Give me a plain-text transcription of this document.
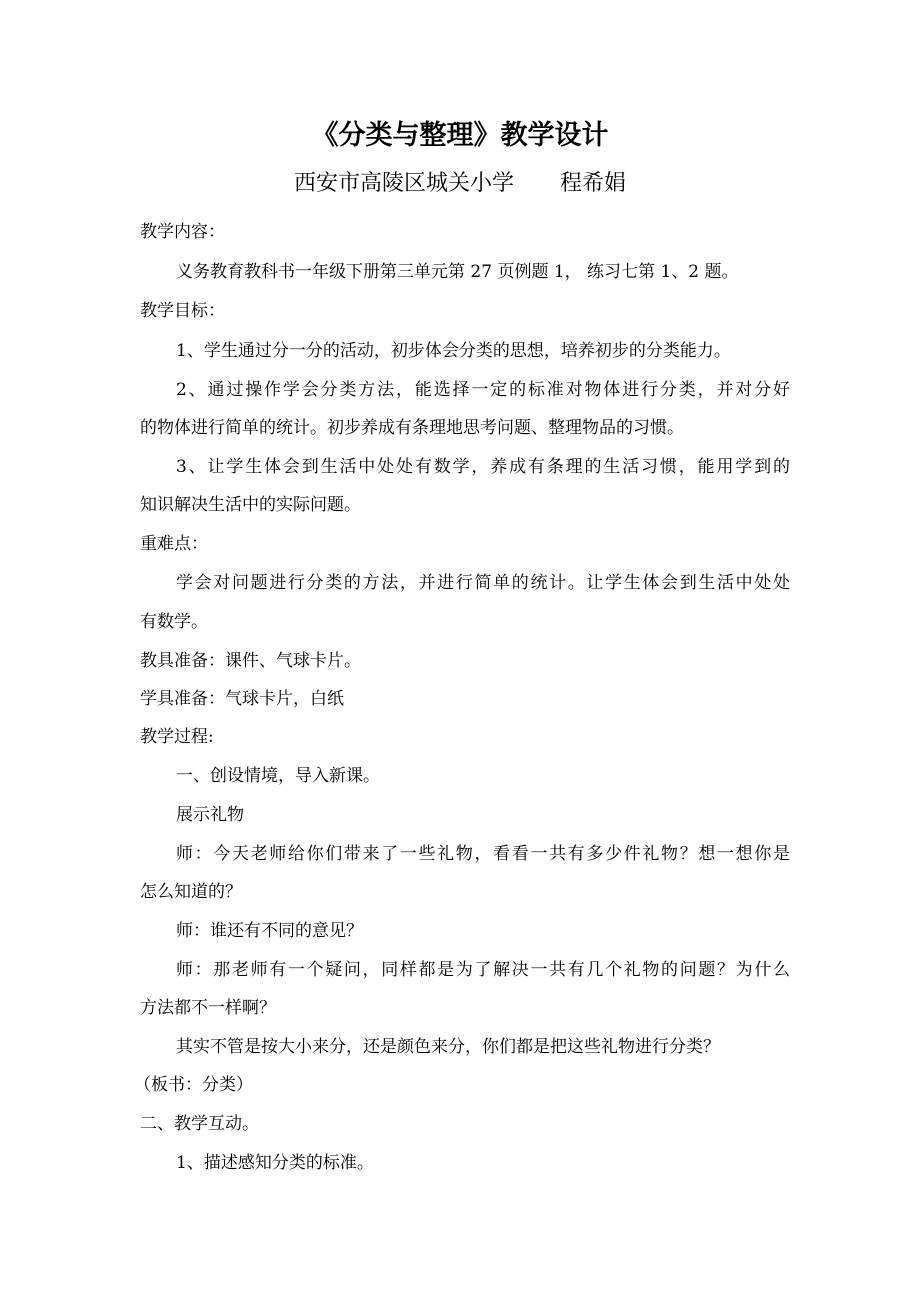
《分类与整理》教学设计
西安市高陵区城关小学 程希娟
教学内容：
义务教育教科书一年级下册第三单元第 27 页例题 1， 练习七第 1、2 题。
教学目标：
1、学生通过分一分的活动，初步体会分类的思想，培养初步的分类能力。
2、通过操作学会分类方法，能选择一定的标准对物体进行分类，并对分好
的物体进行简单的统计。初步养成有条理地思考问题、整理物品的习惯。
3、让学生体会到生活中处处有数学，养成有条理的生活习惯，能用学到的
知识解决生活中的实际问题。
重难点：
学会对问题进行分类的方法，并进行简单的统计。让学生体会到生活中处处
有数学。
教具准备：课件、气球卡片。
学具准备：气球卡片，白纸
教学过程:
一、创设情境，导入新课。
展示礼物
师：今天老师给你们带来了一些礼物，看看一共有多少件礼物？想一想你是
怎么知道的？
师：谁还有不同的意见？
师：那老师有一个疑问，同样都是为了解决一共有几个礼物的问题？为什么
方法都不一样啊？
其实不管是按大小来分，还是颜色来分，你们都是把这些礼物进行分类？
（板书：分类）
二、教学互动。
1、描述感知分类的标准。
